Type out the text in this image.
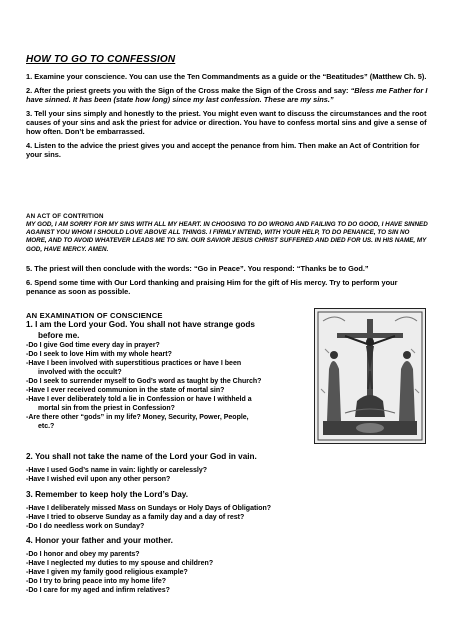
HOW TO GO TO CONFESSION

1. Examine your conscience. You can use the Ten Commandments as a guide or the “Beatitudes” (Matthew Ch. 5).

2. After the priest greets you with the Sign of the Cross make the Sign of the Cross and say: “Bless me Father for I have sinned. It has been (state how long) since my last confession. These are my sins.”

3. Tell your sins simply and honestly to the priest. You might even want to discuss the circumstances and the root causes of your sins and ask the priest for advice or direction. You have to confess mortal sins and give a sense of how often. Don’t be embarrassed.

4. Listen to the advice the priest gives you and accept the penance from him. Then make an Act of Contrition for your sins.

AN ACT OF CONTRITION

MY GOD, I AM SORRY FOR MY SINS WITH ALL MY HEART. IN CHOOSING TO DO WRONG AND FAILING TO DO GOOD, I HAVE SINNED AGAINST YOU WHOM I SHOULD LOVE ABOVE ALL THINGS. I FIRMLY INTEND, WITH YOUR HELP, TO DO PENANCE, TO SIN NO MORE, AND TO AVOID WHATEVER LEADS ME TO SIN. OUR SAVIOR JESUS CHRIST SUFFERED AND DIED FOR US. IN HIS NAME, MY GOD, HAVE MERCY. AMEN.

5. The priest will then conclude with the words: “Go in Peace”. You respond: “Thanks be to God.”

6. Spend some time with Our Lord thanking and praising Him for the gift of His mercy. Try to perform your penance as soon as possible.

AN EXAMINATION OF CONSCIENCE

1. I am the Lord your God. You shall not have strange gods

before me.

-Do I give God time every day in prayer?

-Do I seek to love Him with my whole heart?

-Have I been involved with superstitious practices or have I been

involved with the occult?

-Do I seek to surrender myself to God’s word as taught by the Church?

-Have I ever received communion in the state of mortal sin?

-Have I ever deliberately told a lie in Confession or have I withheld a

mortal sin from the priest in Confession?

-Are there other “gods” in my life? Money, Security, Power, People,

etc.?

2. You shall not take the name of the Lord your God in vain.

-Have I used God’s name in vain: lightly or carelessly?

-Have I wished evil upon any other person?

3. Remember to keep holy the Lord’s Day.

-Have I deliberately missed Mass on Sundays or Holy Days of Obligation?

-Have I tried to observe Sunday as a family day and a day of rest?

-Do I do needless work on Sunday?

4. Honor your father and your mother.

-Do I honor and obey my parents?

-Have I neglected my duties to my spouse and children?

-Have I given my family good religious example?

-Do I try to bring peace into my home life?

-Do I care for my aged and infirm relatives?
